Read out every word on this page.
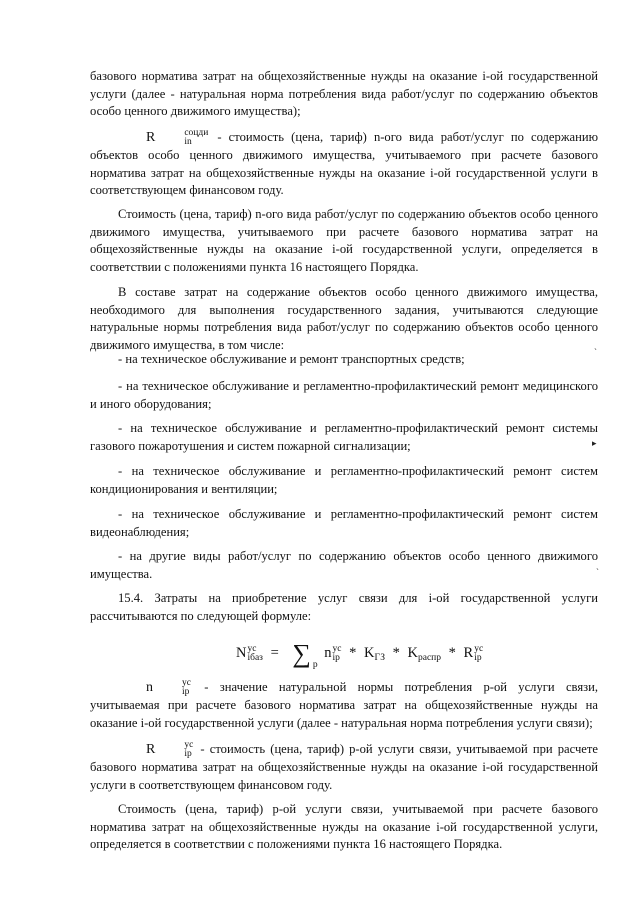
базового норматива затрат на общехозяйственные нужды на оказание i-ой государственной услуги (далее - натуральная норма потребления вида работ/услуг по содержанию объектов особо ценного движимого имущества);
R	соцди
in	- стоимость (цена, тариф) n-ого вида работ/услуг по содержанию объектов особо ценного движимого имущества, учитываемого при расчете базового норматива затрат на общехозяйственные нужды на оказание i-ой государственной услуги в соответствующем финансовом году.
Стоимость (цена, тариф) n-ого вида работ/услуг по содержанию объектов особо ценного движимого имущества, учитываемого при расчете базового норматива затрат на общехозяйственные нужды на оказание i-ой государственной услуги, определяется в соответствии с положениями пункта 16 настоящего Порядка.
В составе затрат на содержание объектов особо ценного движимого имущества, необходимого для выполнения государственного задания, учитываются следующие натуральные нормы потребления вида работ/услуг по содержанию объектов особо ценного движимого имущества, в том числе:
- на техническое обслуживание и ремонт транспортных средств;
- на техническое обслуживание и регламентно-профилактический ремонт медицинского и иного оборудования;
- на техническое обслуживание и регламентно-профилактический ремонт системы газового пожаротушения и систем пожарной сигнализации;
- на техническое обслуживание и регламентно-профилактический ремонт систем кондиционирования и вентиляции;
- на техническое обслуживание и регламентно-профилактический ремонт систем видеонаблюдения;
- на другие виды работ/услуг по содержанию объектов особо ценного движимого имущества.
15.4. Затраты на приобретение услуг связи для i-ой государственной услуги рассчитываются по следующей формуле:
N ус
iбаз = ∑ $_p$ n ус
ip * $K_{ГЗ} * K_{распр}$ * R ус
ip
n	ус
ip - значение натуральной нормы потребления р-ой услуги связи, учитываемая при расчете базового норматива затрат на общехозяйственные нужды на оказание i-ой государственной услуги (далее - натуральная норма потребления услуги связи);
R	ус
ip - стоимость (цена, тариф) р-ой услуги связи, учитываемой при расчете базового норматива затрат на общехозяйственные нужды на оказание i-ой государственной услуги в соответствующем финансовом году.
Стоимость (цена, тариф) р-ой услуги связи, учитываемой при расчете базового норматива затрат на общехозяйственные нужды на оказание i-ой государственной услуги, определяется в соответствии с положениями пункта 16 настоящего Порядка.
ˎ
▸
ˎ
